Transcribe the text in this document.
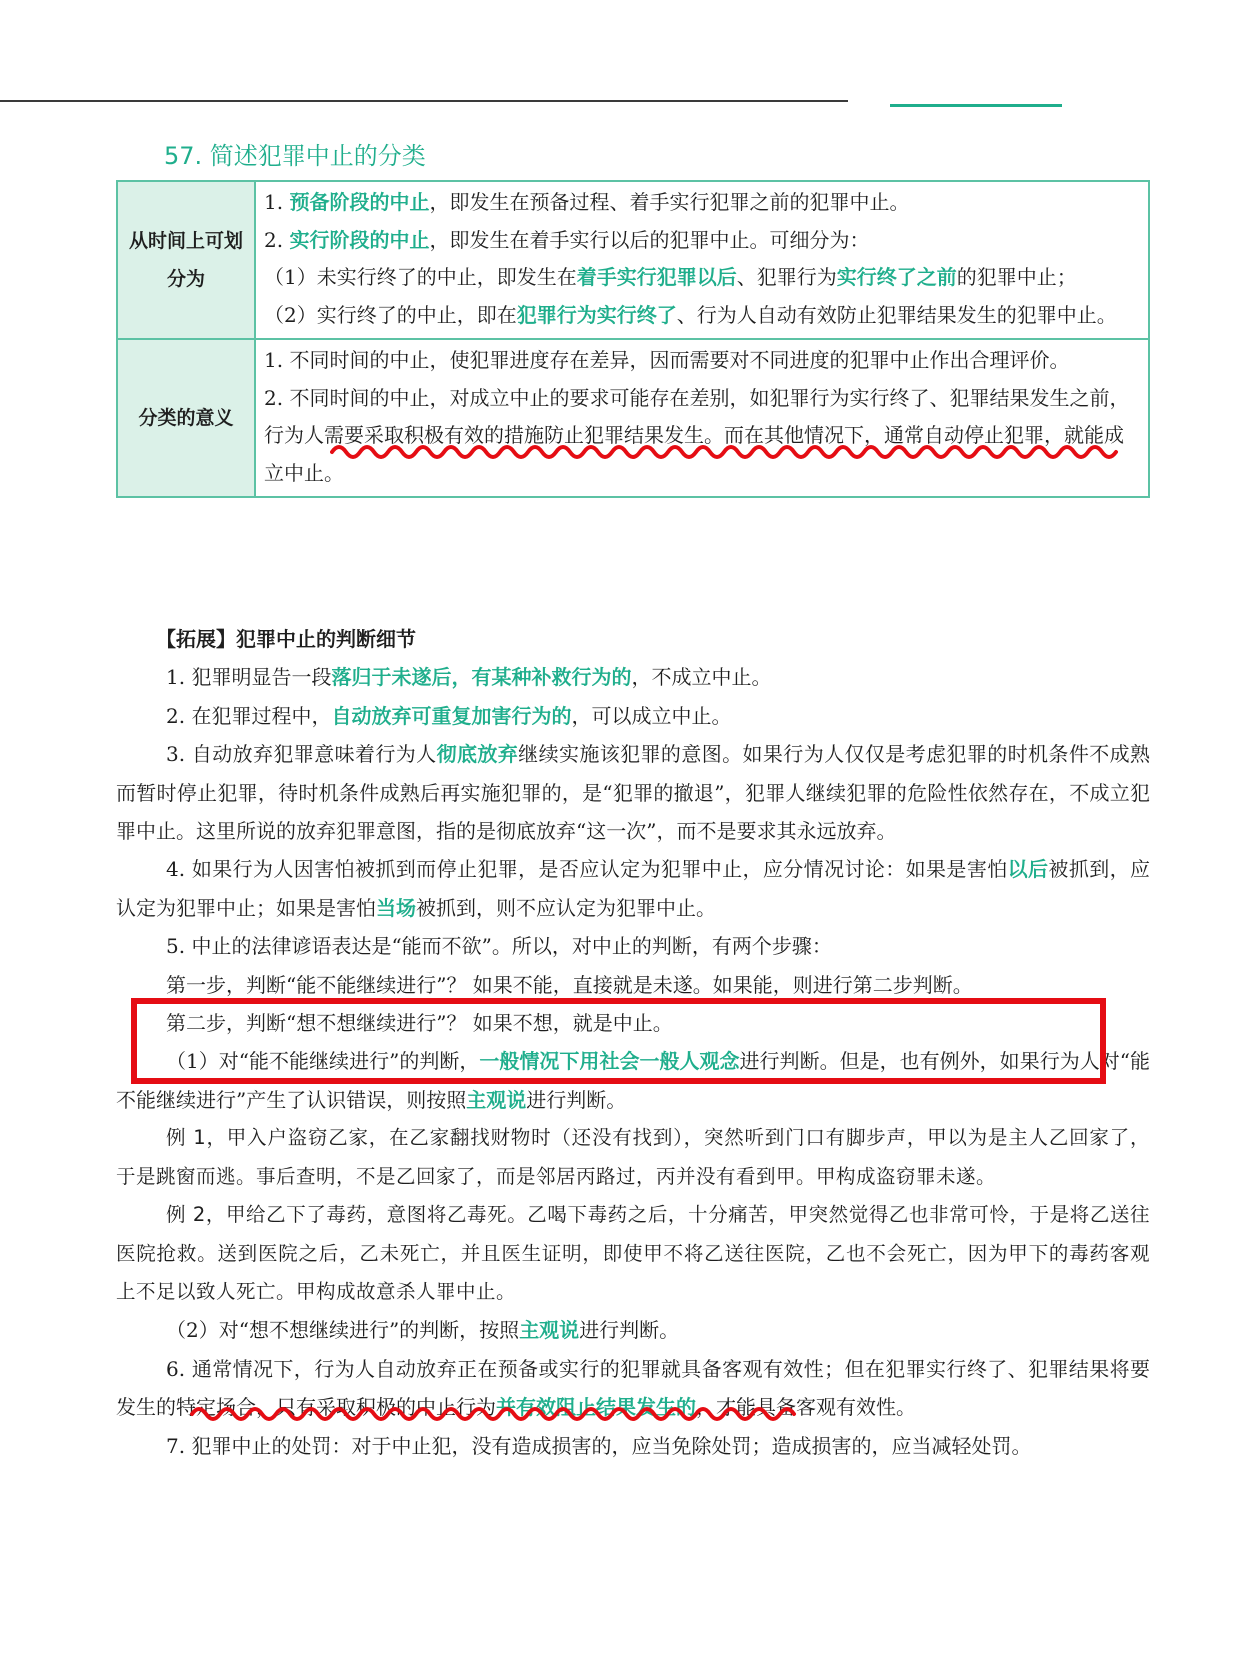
57. 简述犯罪中止的分类
从时间上可划分为	1. 预备阶段的中止，即发生在预备过程、着手实行犯罪之前的犯罪中止。
2. 实行阶段的中止，即发生在着手实行以后的犯罪中止。可细分为：
（1）未实行终了的中止，即发生在着手实行犯罪以后、犯罪行为实行终了之前的犯罪中止；
（2）实行终了的中止，即在犯罪行为实行终了、行为人自动有效防止犯罪结果发生的犯罪中止。

分类的意义	1. 不同时间的中止，使犯罪进度存在差异，因而需要对不同进度的犯罪中止作出合理评价。
2. 不同时间的中止，对成立中止的要求可能存在差别，如犯罪行为实行终了、犯罪结果发生之前，行为人需要采取积极有效的措施防止犯罪结果发生。而在其他情况下，通常自动停止犯罪，就能成立中止。

【拓展】犯罪中止的判断细节

1. 犯罪明显告一段落归于未遂后，有某种补救行为的，不成立中止。

2. 在犯罪过程中，自动放弃可重复加害行为的，可以成立中止。

3. 自动放弃犯罪意味着行为人彻底放弃继续实施该犯罪的意图。如果行为人仅仅是考虑犯罪的时机条件不成熟而暂时停止犯罪，待时机条件成熟后再实施犯罪的，是“犯罪的撤退”，犯罪人继续犯罪的危险性依然存在，不成立犯罪中止。这里所说的放弃犯罪意图，指的是彻底放弃“这一次”，而不是要求其永远放弃。

4. 如果行为人因害怕被抓到而停止犯罪，是否应认定为犯罪中止，应分情况讨论：如果是害怕以后被抓到，应认定为犯罪中止；如果是害怕当场被抓到，则不应认定为犯罪中止。

5. 中止的法律谚语表达是“能而不欲”。所以，对中止的判断，有两个步骤：

第一步，判断“能不能继续进行”？ 如果不能，直接就是未遂。如果能，则进行第二步判断。

第二步，判断“想不想继续进行”？ 如果不想，就是中止。

（1）对“能不能继续进行”的判断，一般情况下用社会一般人观念进行判断。但是，也有例外，如果行为人对“能不能继续进行”产生了认识错误，则按照主观说进行判断。

例 1，甲入户盗窃乙家，在乙家翻找财物时（还没有找到），突然听到门口有脚步声，甲以为是主人乙回家了，于是跳窗而逃。事后查明，不是乙回家了，而是邻居丙路过，丙并没有看到甲。甲构成盗窃罪未遂。

例 2，甲给乙下了毒药，意图将乙毒死。乙喝下毒药之后，十分痛苦，甲突然觉得乙也非常可怜，于是将乙送往医院抢救。送到医院之后，乙未死亡，并且医生证明，即使甲不将乙送往医院，乙也不会死亡，因为甲下的毒药客观上不足以致人死亡。甲构成故意杀人罪中止。

（2）对“想不想继续进行”的判断，按照主观说进行判断。

6. 通常情况下，行为人自动放弃正在预备或实行的犯罪就具备客观有效性；但在犯罪实行终了、犯罪结果将要发生的特定场合，只有采取积极的中止行为并有效阻止结果发生的，才能具备客观有效性。

7. 犯罪中止的处罚：对于中止犯，没有造成损害的，应当免除处罚；造成损害的，应当减轻处罚。
